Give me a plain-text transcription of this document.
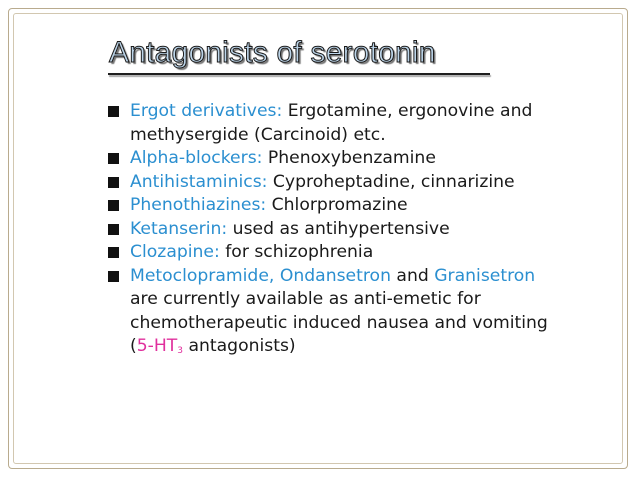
Antagonists of serotonin
Ergot derivatives: Ergotamine, ergonovine and
methysergide (Carcinoid) etc.
Alpha-blockers: Phenoxybenzamine
Antihistaminics: Cyproheptadine, cinnarizine
Phenothiazines: Chlorpromazine
Ketanserin: used as antihypertensive
Clozapine: for schizophrenia
Metoclopramide, Ondansetron and Granisetron
are currently available as anti-emetic for
chemotherapeutic induced nausea and vomiting
($5-HT_3$ antagonists)
